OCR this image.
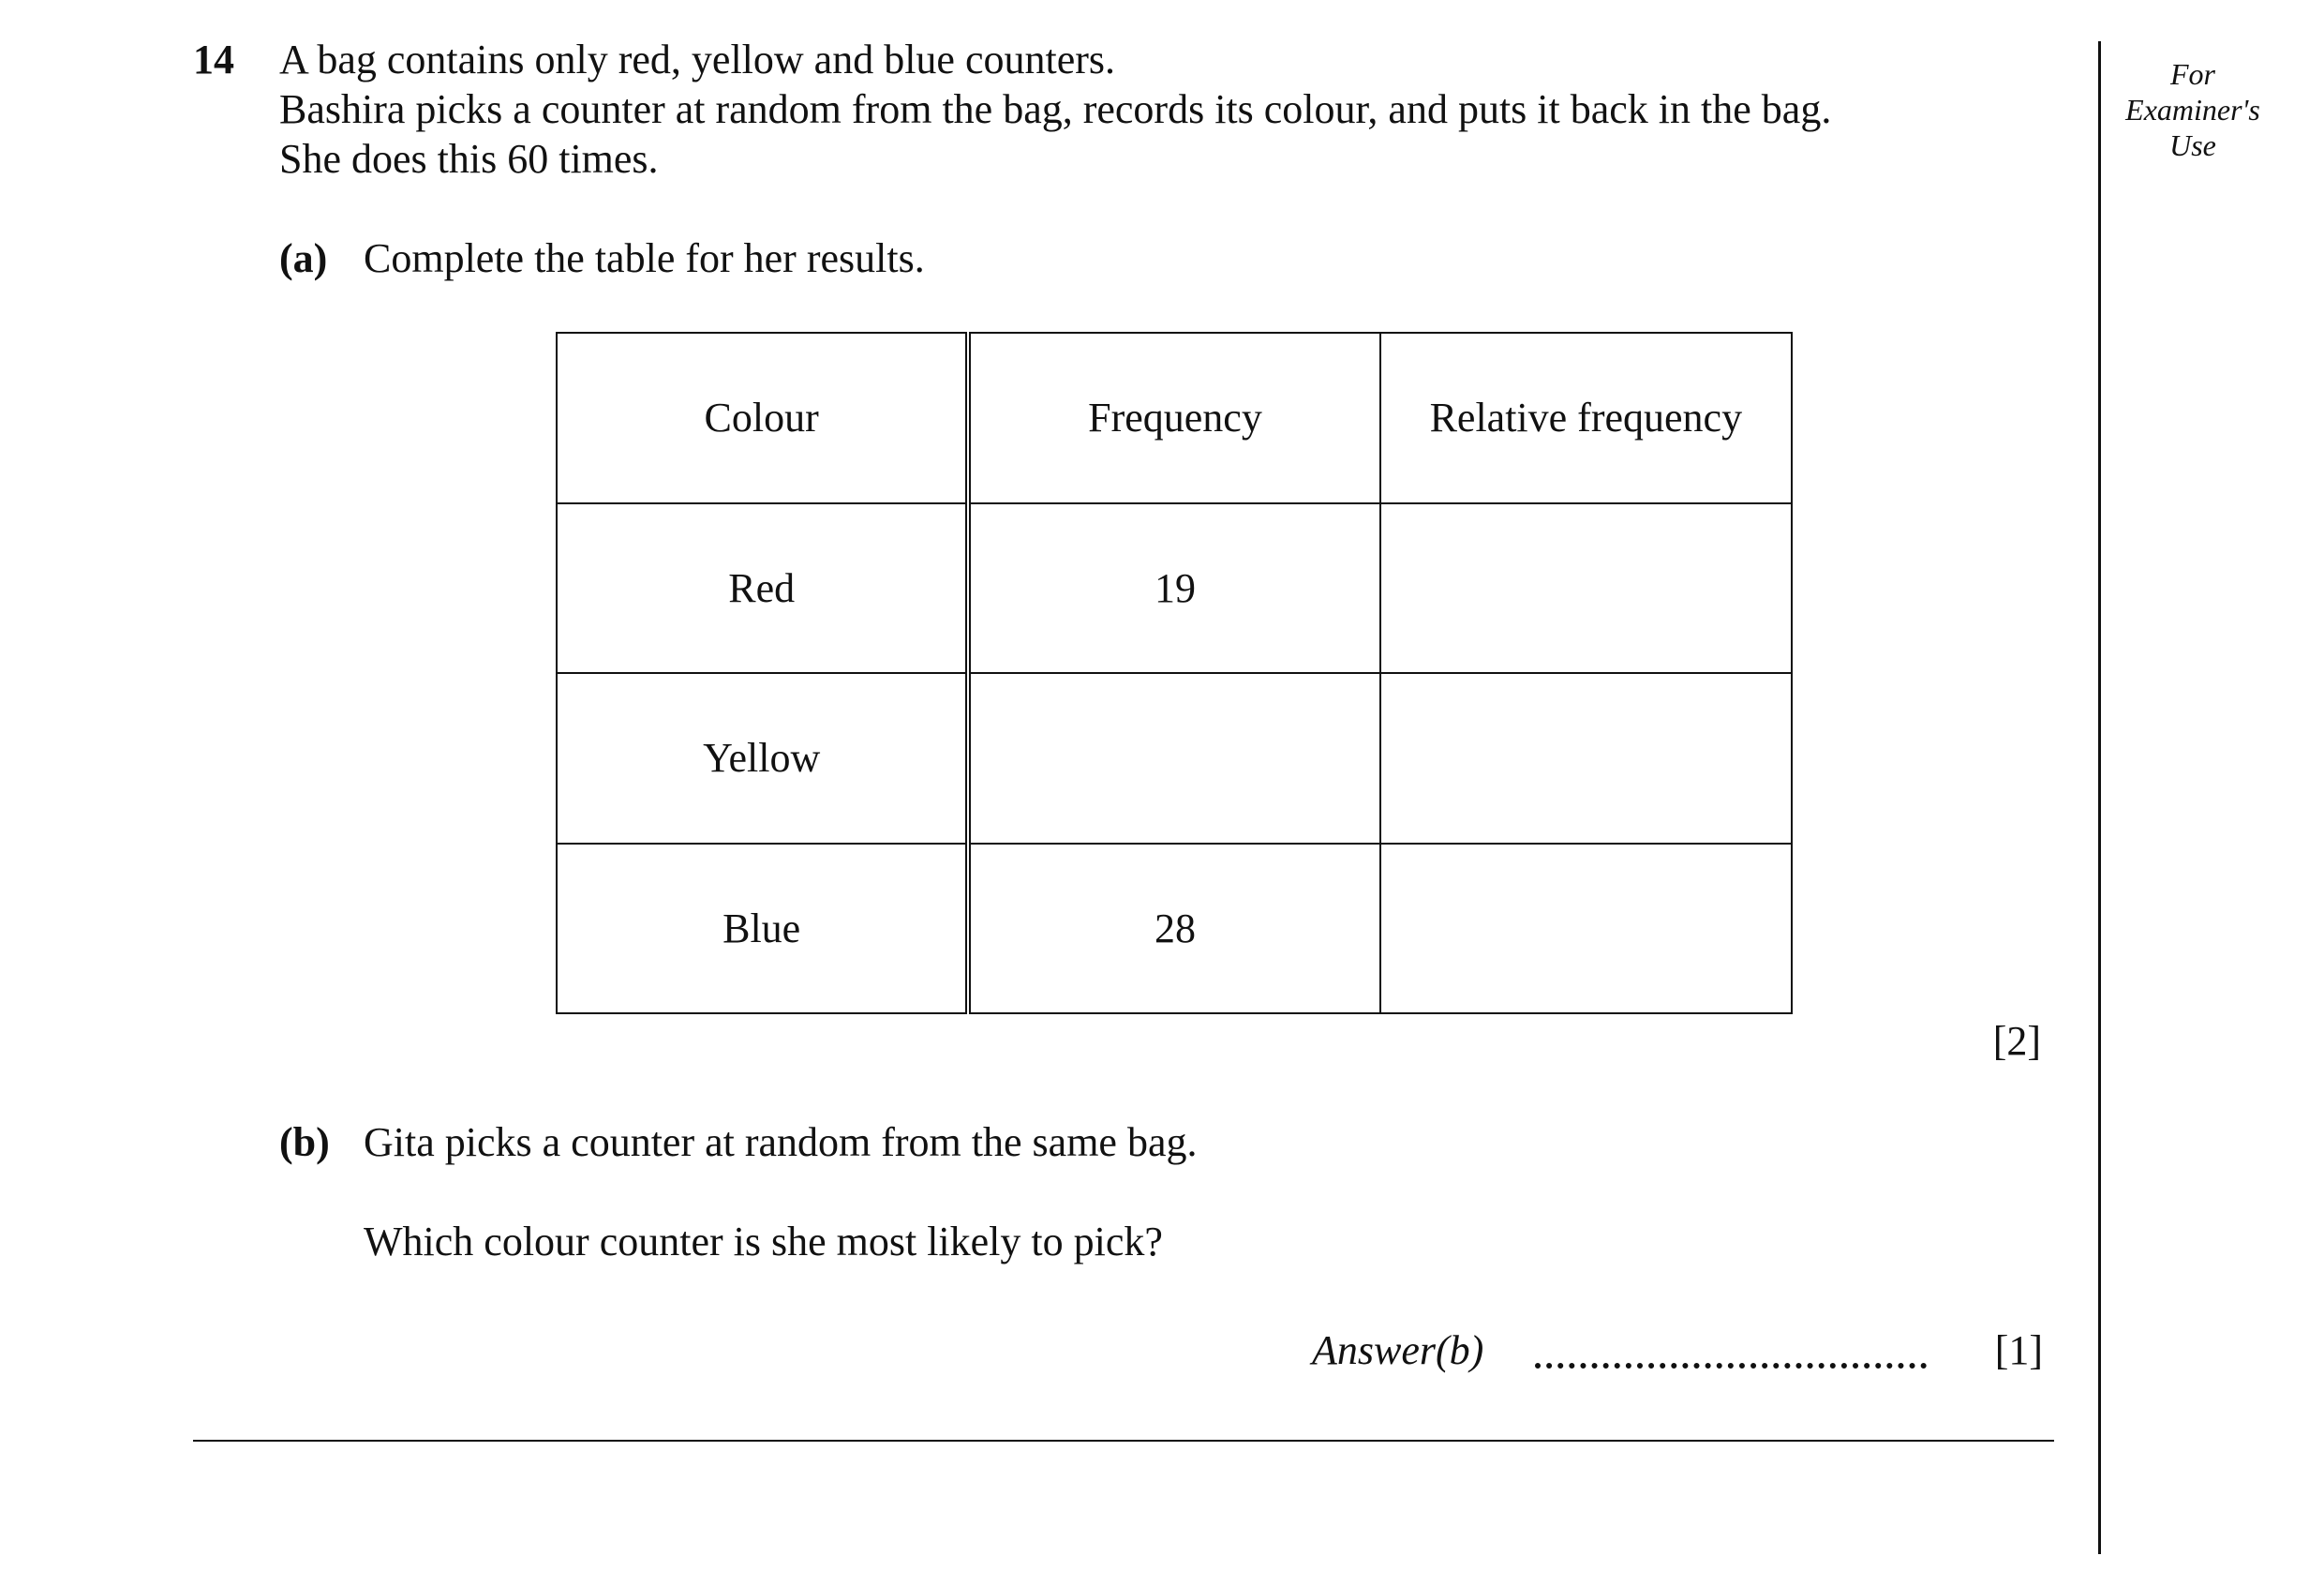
14 A bag contains only red, yellow and blue counters.
Bashira picks a counter at random from the bag, records its colour, and puts it back in the bag.
She does this 60 times.
(a) Complete the table for her results.
Colour	Frequency	Relative frequency
Red	19	
Yellow		
Blue	28	
[2]
(b) Gita picks a counter at random from the same bag.
Which colour counter is she most likely to pick?
Answer(b)	[1]
For
Examiner's
Use
